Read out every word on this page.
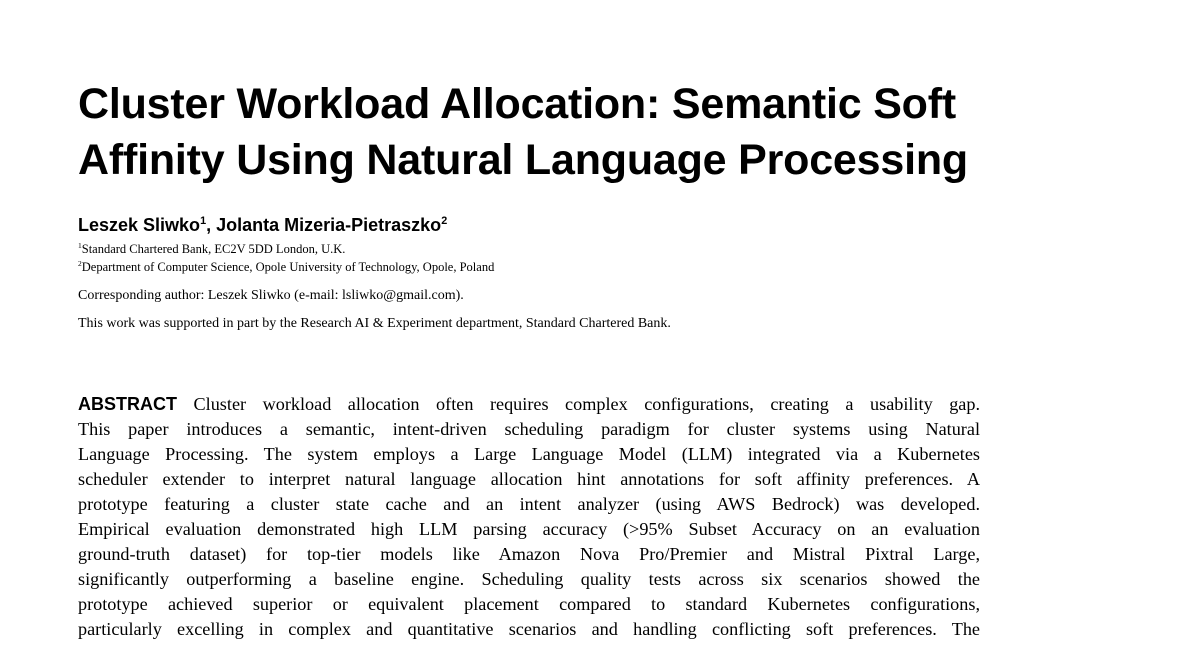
Cluster Workload Allocation: Semantic Soft
Affinity Using Natural Language Processing
Leszek Sliwko$^1$, Jolanta Mizeria-Pietraszko$^2$
$^1$Standard Chartered Bank, EC2V 5DD London, U.K.
$^2$Department of Computer Science, Opole University of Technology, Opole, Poland
Corresponding author: Leszek Sliwko (e-mail: lsliwko@gmail.com).
This work was supported in part by the Research AI & Experiment department, Standard Chartered Bank.
ABSTRACT Cluster workload allocation often requires complex configurations, creating a usability gap.
This paper introduces a semantic, intent-driven scheduling paradigm for cluster systems using Natural
Language Processing. The system employs a Large Language Model (LLM) integrated via a Kubernetes
scheduler extender to interpret natural language allocation hint annotations for soft affinity preferences. A
prototype featuring a cluster state cache and an intent analyzer (using AWS Bedrock) was developed.
Empirical evaluation demonstrated high LLM parsing accuracy (>95% Subset Accuracy on an evaluation
ground-truth dataset) for top-tier models like Amazon Nova Pro/Premier and Mistral Pixtral Large,
significantly outperforming a baseline engine. Scheduling quality tests across six scenarios showed the
prototype achieved superior or equivalent placement compared to standard Kubernetes configurations,
particularly excelling in complex and quantitative scenarios and handling conflicting soft preferences. The
